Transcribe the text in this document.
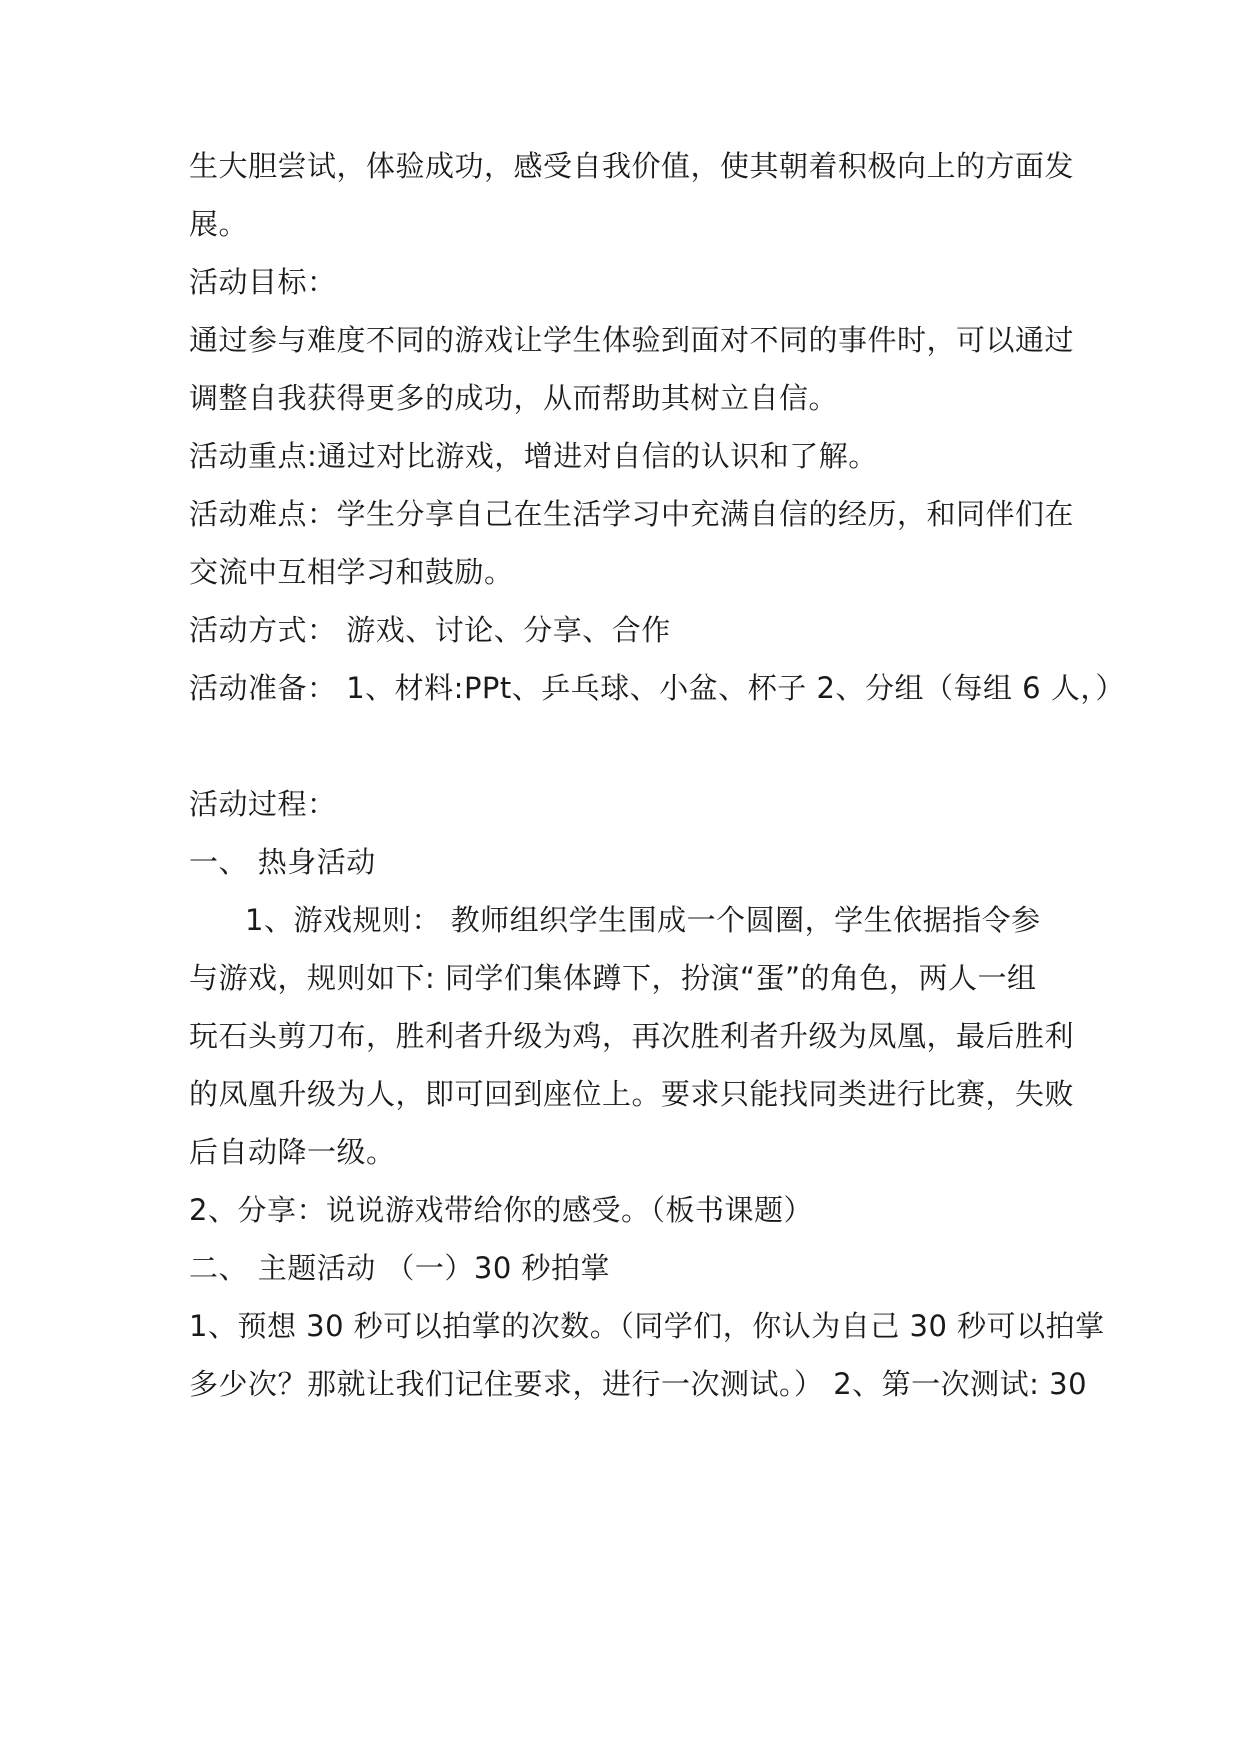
生大胆尝试，体验成功，感受自我价值，使其朝着积极向上的方面发
展。
活动目标：
通过参与难度不同的游戏让学生体验到面对不同的事件时，可以通过
调整自我获得更多的成功，从而帮助其树立自信。
活动重点:通过对比游戏，增进对自信的认识和了解。
活动难点：学生分享自己在生活学习中充满自信的经历，和同伴们在
交流中互相学习和鼓励。
活动方式： 游戏、讨论、分享、合作
活动准备： 1、材料:PPt、乒乓球、小盆、杯子 2、分组（每组 6 人，）
活动过程：
一、 热身活动
1、游戏规则： 教师组织学生围成一个圆圈，学生依据指令参
与游戏，规则如下: 同学们集体蹲下，扮演“蛋”的角色，两人一组
玩石头剪刀布，胜利者升级为鸡，再次胜利者升级为凤凰，最后胜利
的凤凰升级为人，即可回到座位上。要求只能找同类进行比赛，失败
后自动降一级。
2、分享：说说游戏带给你的感受。（板书课题）
二、 主题活动 （一）30 秒拍掌
1、预想 30 秒可以拍掌的次数。（同学们，你认为自己 30 秒可以拍掌
多少次？那就让我们记住要求，进行一次测试。） 2、第一次测试: 30
